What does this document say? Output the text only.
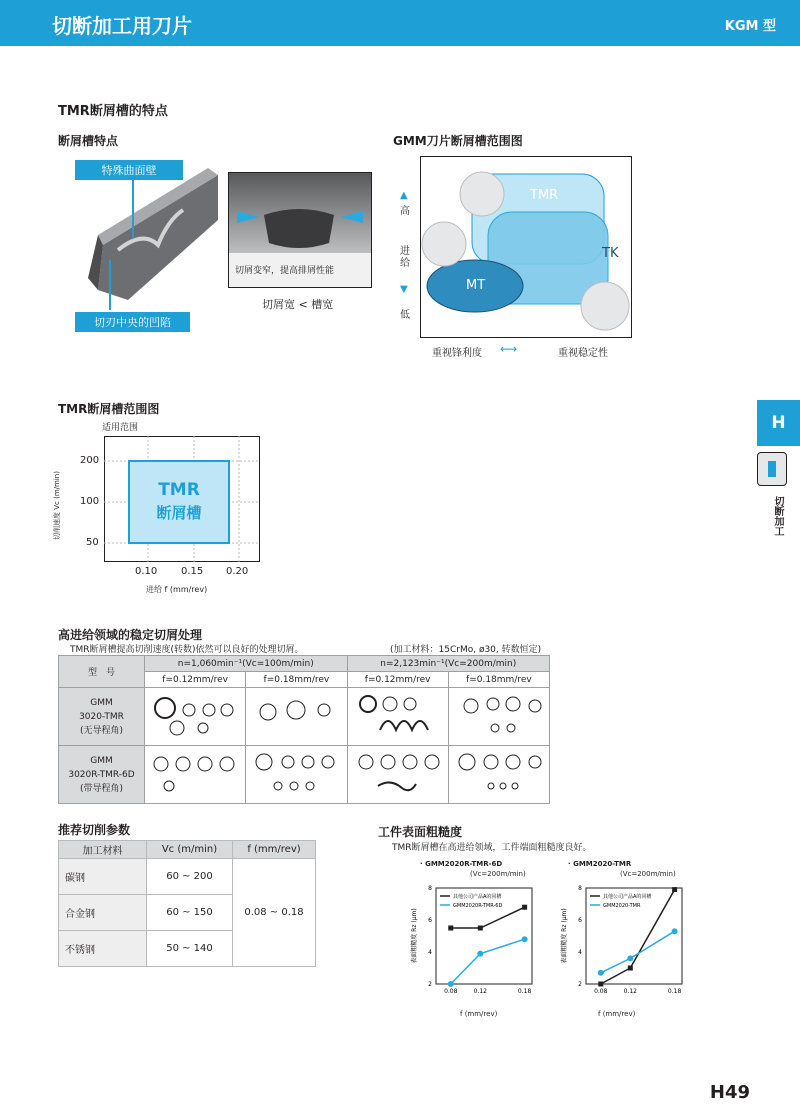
切断加工用刀片	KGM 型
TMR断屑槽的特点
断屑槽特点
特殊曲面壁
切刃中央的凹陷
切屑变窄，提高排屑性能
切屑宽 < 槽宽
GMM刀片断屑槽范围图
TMR
TK
MT
▲
高
进给
▼
低
重视锋利度 ⟷	重视稳定性
TMR断屑槽范围图
适用范围
TMR
断屑槽
200
100
50
0.10 0.15 0.20
进给 f (mm/rev)
切削速度 Vc (m/min)
高进给领域的稳定切屑处理
TMR断屑槽提高切削速度(转数)依然可以良好的处理切屑。	(加工材料：15CrMo, ø30, 转数恒定)
型　号	n=1,060min⁻¹(Vc=100m/min)		n=2,123min⁻¹(Vc=200m/min)	
	f=0.12mm/rev	f=0.18mm/rev	f=0.12mm/rev	f=0.18mm/rev

GMM
3020-TMR
(无导程角)

GMM
3020R-TMR-6D
(带导程角)

推荐切削参数
加工材料	Vc (m/min)	f (mm/rev)
碳钢	60 ~ 200	0.08 ~ 0.18
合金钢	60 ~ 150	
不锈钢	50 ~ 140	
工件表面粗糙度
TMR断屑槽在高进给领域，工件端面粗糙度良好。
· GMM2020R-TMR-6D
(Vc=200m/min)
· GMM2020-TMR
(Vc=200m/min)
2
4
6
8
0.08	0.12	0.18
表面粗糙度 Rz (μm)
其他公司产品A的同槽
GMM2020R-TMR-6D
2
4
6
8
0.08	0.12	0.18
表面粗糙度 Rz (μm)
其他公司产品A的同槽
GMM2020-TMR
f (mm/rev)	f (mm/rev)
H
切断加工
H49
